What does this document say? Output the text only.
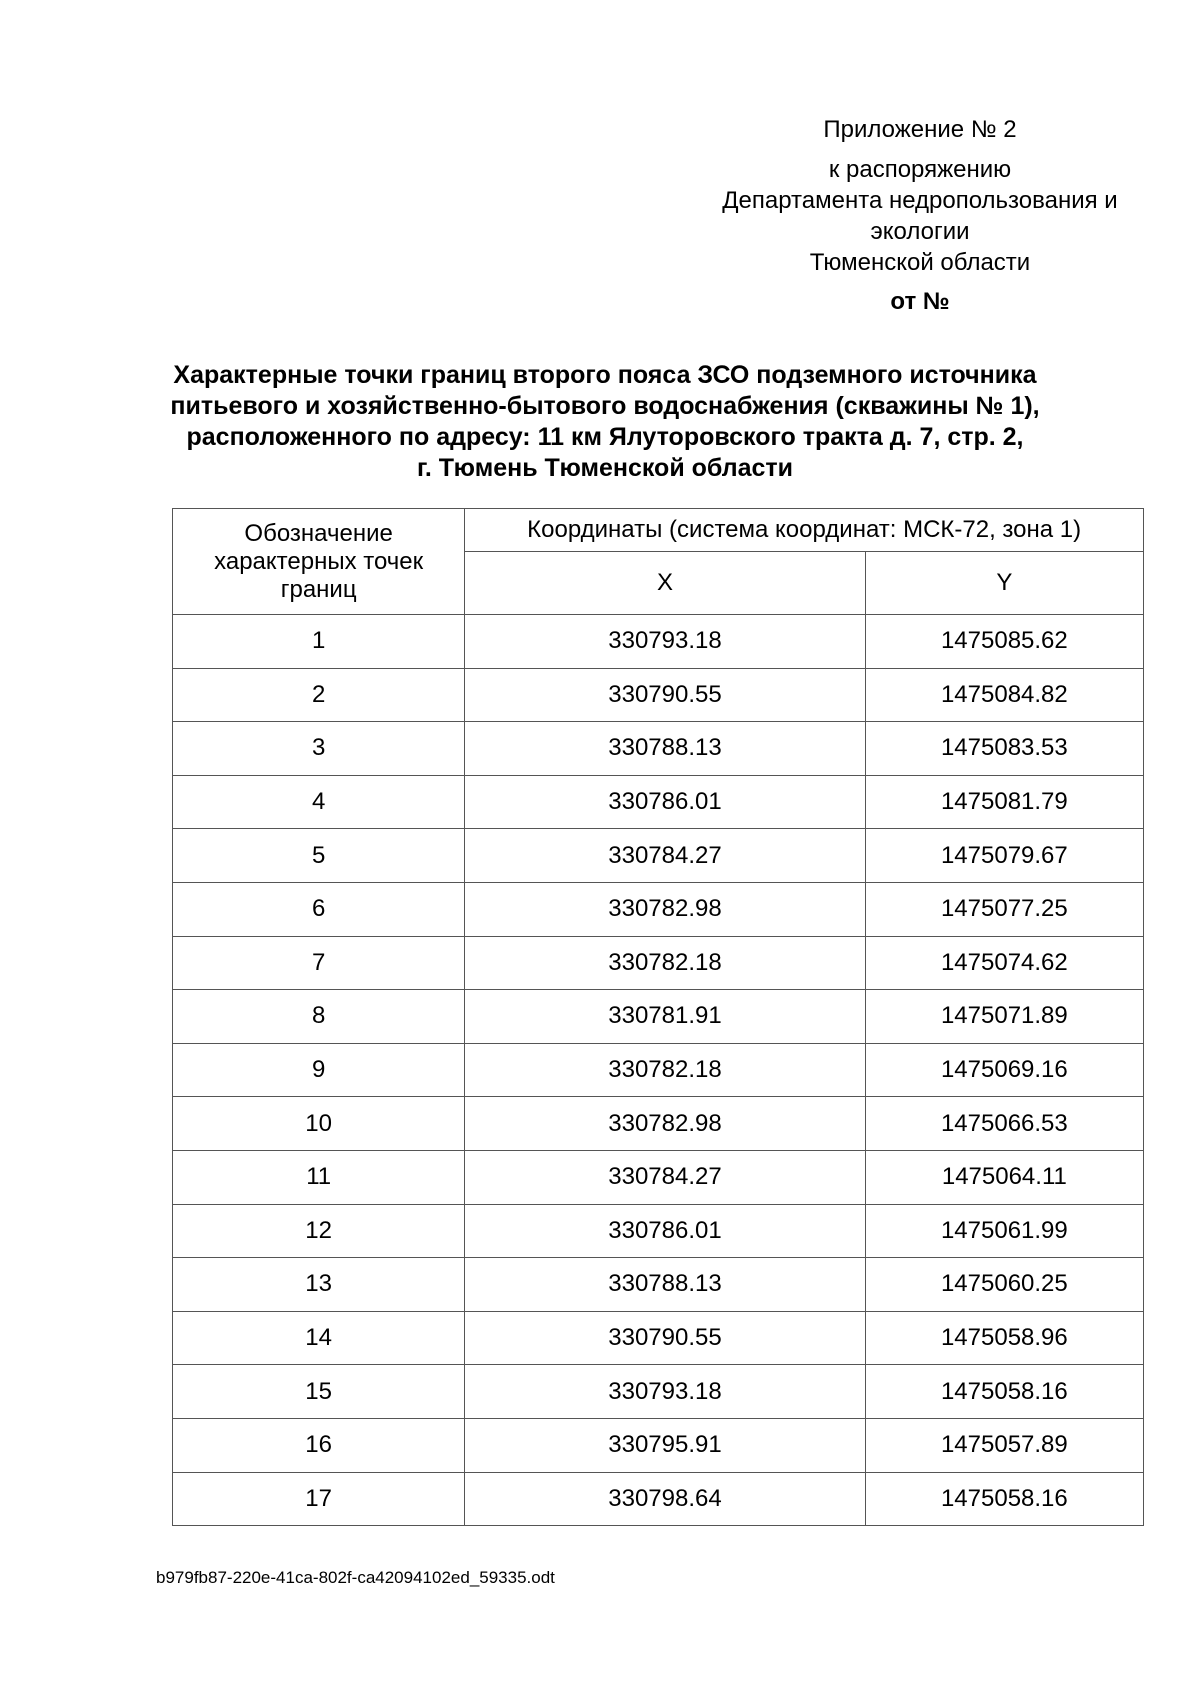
Приложение № 2
к распоряжению
Департамента недропользования и
экологии
Тюменской области
от №
Характерные точки границ второго пояса ЗСО подземного источника
питьевого и хозяйственно-бытового водоснабжения (скважины № 1),
расположенного по адресу: 11 км Ялуторовского тракта д. 7, стр. 2,
г. Тюмень Тюменской области
Обозначение
характерных точек
границ	Координаты (система координат: МСК-72, зона 1)	
	X	Y
1	330793.18	1475085.62
2	330790.55	1475084.82
3	330788.13	1475083.53
4	330786.01	1475081.79
5	330784.27	1475079.67
6	330782.98	1475077.25
7	330782.18	1475074.62
8	330781.91	1475071.89
9	330782.18	1475069.16
10	330782.98	1475066.53
11	330784.27	1475064.11
12	330786.01	1475061.99
13	330788.13	1475060.25
14	330790.55	1475058.96
15	330793.18	1475058.16
16	330795.91	1475057.89
17	330798.64	1475058.16
b979fb87-220e-41ca-802f-ca42094102ed_59335.odt
